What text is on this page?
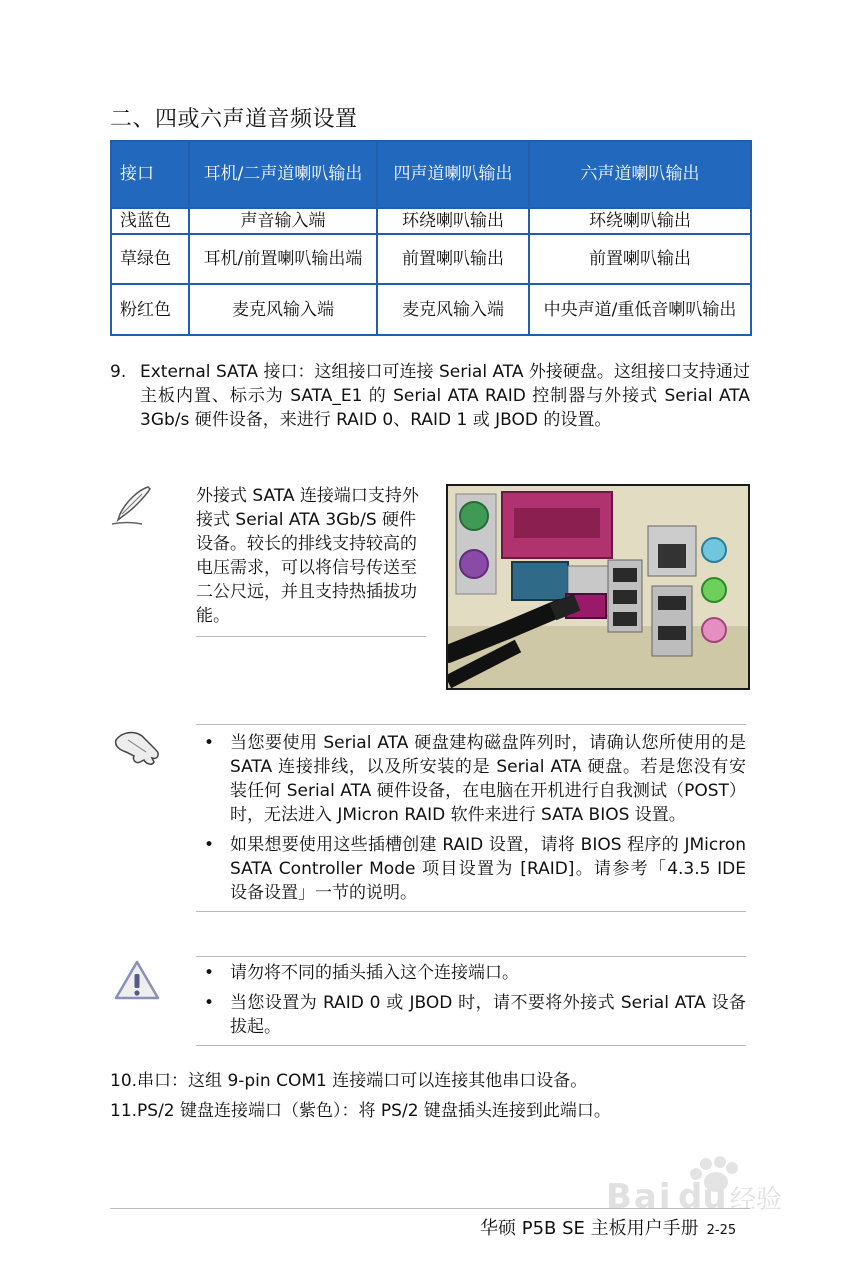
二、四或六声道音频设置
接口	耳机/二声道喇叭输出	四声道喇叭输出	六声道喇叭输出
浅蓝色	声音输入端	环绕喇叭输出	环绕喇叭输出
草绿色	耳机/前置喇叭输出端	前置喇叭输出	前置喇叭输出
粉红色	麦克风输入端	麦克风输入端	中央声道/重低音喇叭输出
9. External SATA 接口：这组接口可连接 Serial ATA 外接硬盘。这组接口支持通过主板内置、标示为 SATA_E1 的 Serial ATA RAID 控制器与外接式 Serial ATA 3Gb/s 硬件设备，来进行 RAID 0、RAID 1 或 JBOD 的设置。
外接式 SATA 连接端口支持外接式 Serial ATA 3Gb/S 硬件设备。较长的排线支持较高的电压需求，可以将信号传送至二公尺远，并且支持热插拔功能。
• 当您要使用 Serial ATA 硬盘建构磁盘阵列时，请确认您所使用的是 SATA 连接排线，以及所安装的是 Serial ATA 硬盘。若是您没有安装任何 Serial ATA 硬件设备，在电脑在开机进行自我测试（POST）时，无法进入 JMicron RAID 软件来进行 SATA BIOS 设置。
• 如果想要使用这些插槽创建 RAID 设置，请将 BIOS 程序的 JMicron SATA Controller Mode 项目设置为 [RAID]。请参考「4.3.5 IDE 设备设置」一节的说明。
• 请勿将不同的插头插入这个连接端口。
• 当您设置为 RAID 0 或 JBOD 时，请不要将外接式 Serial ATA 设备拔起。
10.串口：这组 9-pin COM1 连接端口可以连接其他串口设备。
11.PS/2 键盘连接端口（紫色）：将 PS/2 键盘插头连接到此端口。
Bai du 经验
华硕 P5B SE 主板用户手册 2-25
